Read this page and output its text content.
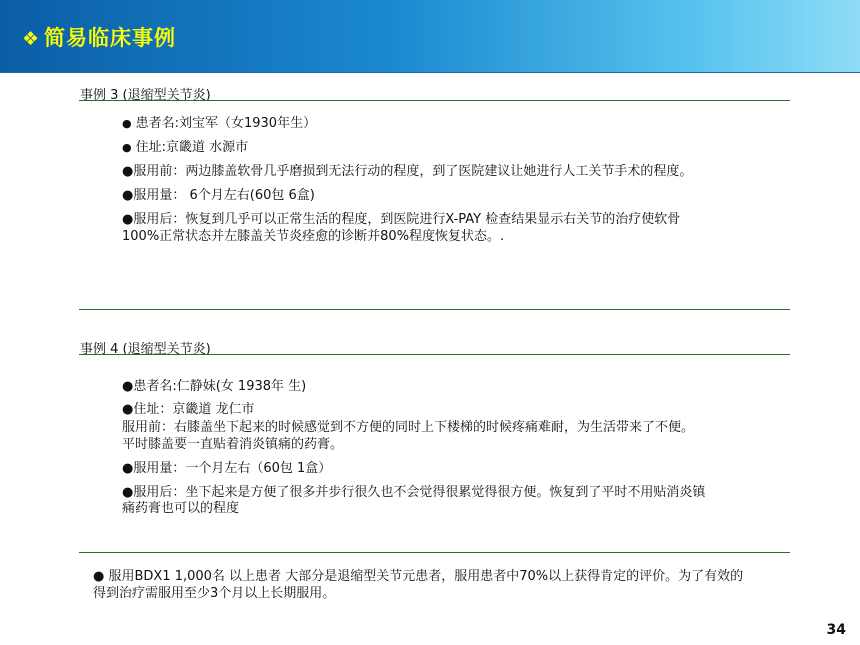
❖ 简易临床事例
事例 3 (退缩型关节炎)
● 患者名:刘宝军（女1930年生）
● 住址:京畿道 水源市
●服用前：两边膝盖软骨几乎磨损到无法行动的程度，到了医院建议让她进行人工关节手术的程度。
●服用量： 6个月左右(60包 6盒)
●服用后：恢复到几乎可以正常生活的程度，到医院进行X-PAY 检查结果显示右关节的治疗使软骨
100%正常状态并左膝盖关节炎痊愈的诊断并80%程度恢复状态。.
事例 4 (退缩型关节炎)
●患者名:仁静妹(女 1938年 生)
●住址：京畿道 龙仁市
服用前：右膝盖坐下起来的时候感觉到不方便的同时上下楼梯的时候疼痛难耐，为生活带来了不便。
平时膝盖要一直贴着消炎镇痛的药膏。
●服用量：一个月左右（60包 1盒）
●服用后：坐下起来是方便了很多并步行很久也不会觉得很累觉得很方便。恢复到了平时不用贴消炎镇
痛药膏也可以的程度
● 服用BDX1 1,000名 以上患者 大部分是退缩型关节元患者，服用患者中70%以上获得肯定的评价。为了有效的
得到治疗需服用至少3个月以上长期服用。
34
